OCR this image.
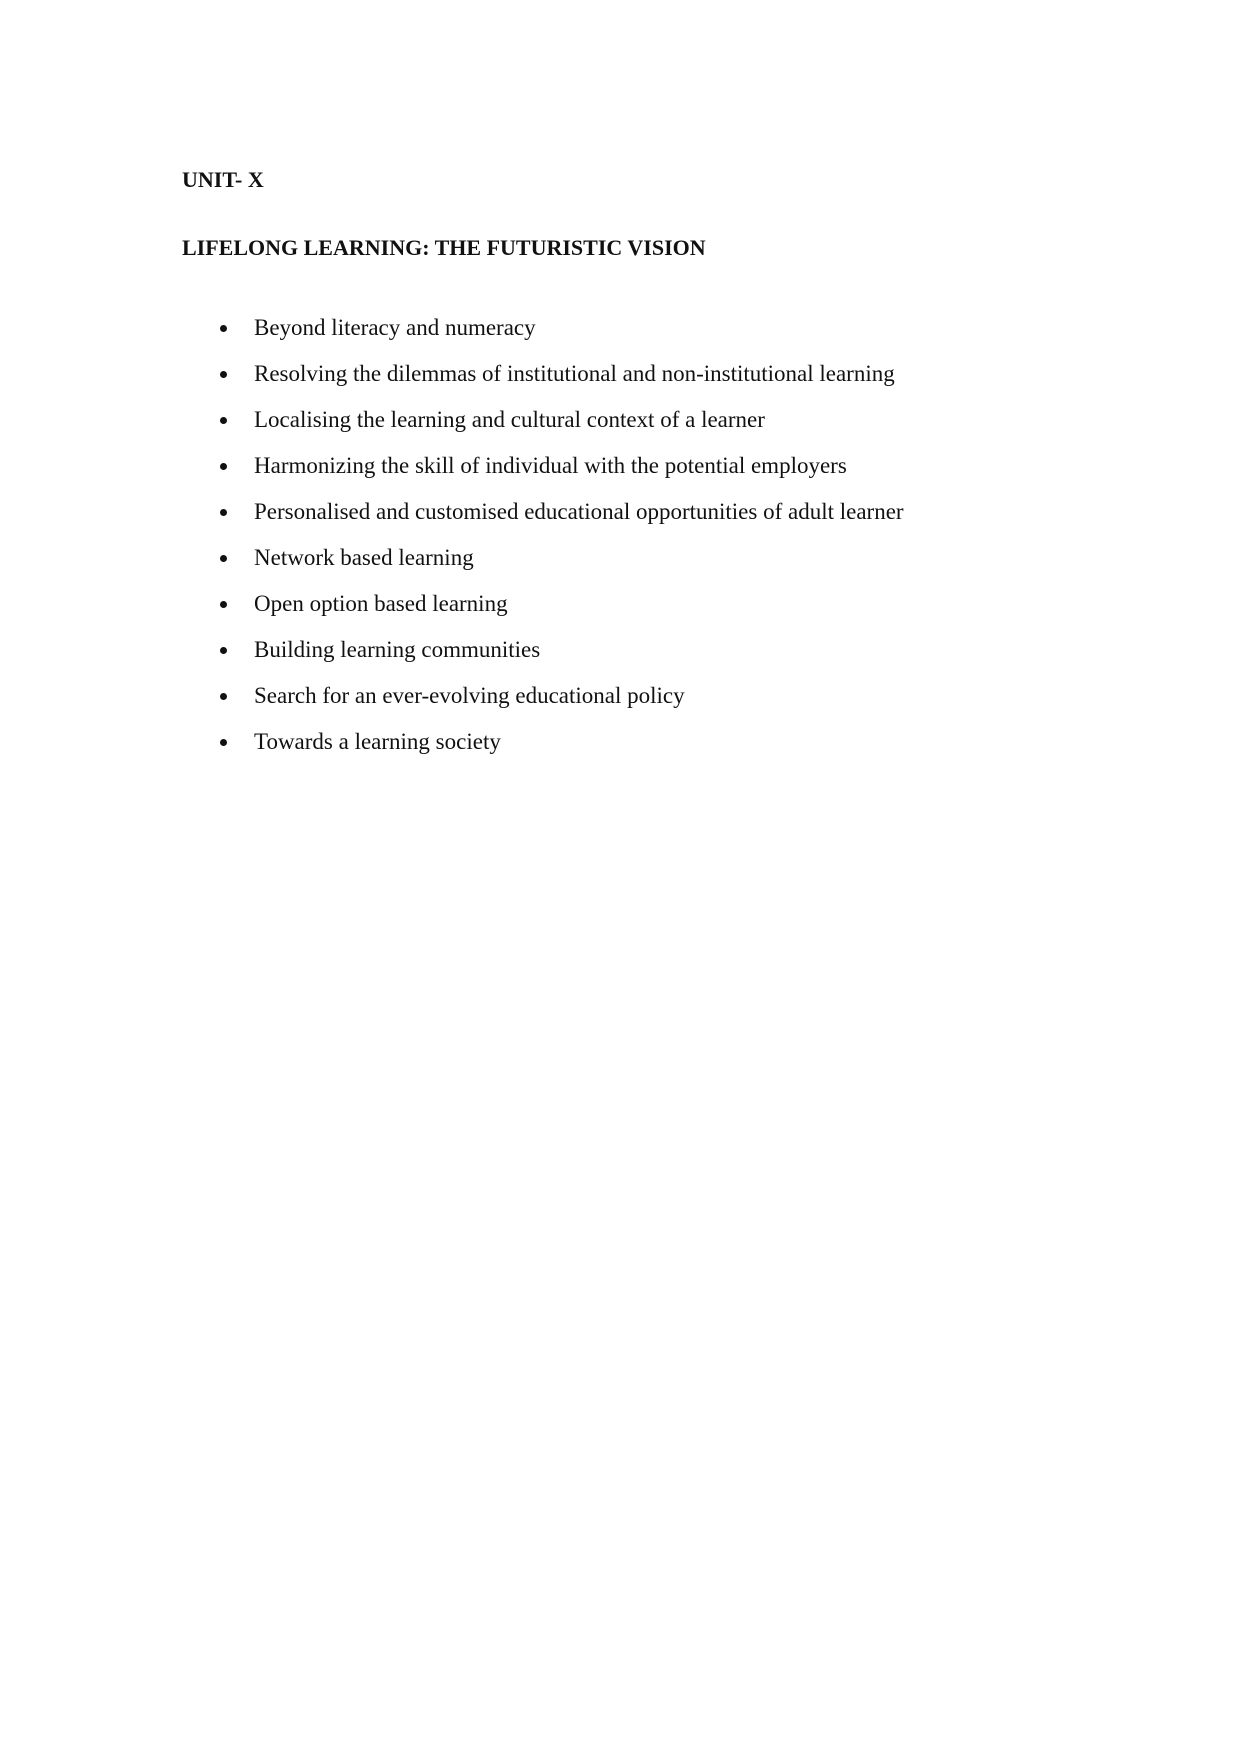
UNIT- X
LIFELONG LEARNING: THE FUTURISTIC VISION
Beyond literacy and numeracy
Resolving the dilemmas of institutional and non-institutional learning
Localising the learning and cultural context of a learner
Harmonizing the skill of individual with the potential employers
Personalised and customised educational opportunities of adult learner
Network based learning
Open option based learning
Building learning communities
Search for an ever-evolving educational policy
Towards a learning society
